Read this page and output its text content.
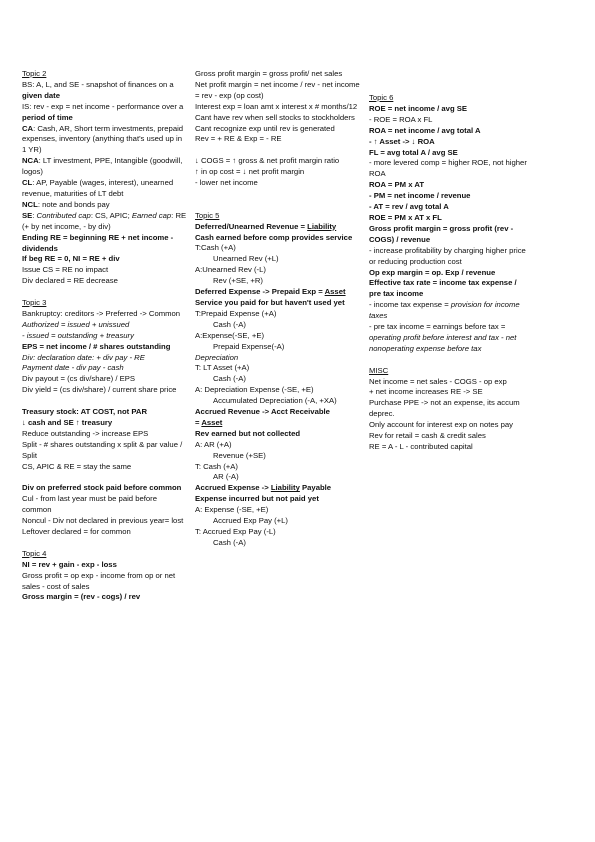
Topic 2
BS: A, L, and SE - snapshot of finances on a given date
IS: rev - exp = net income - performance over a period of time
CA: Cash, AR, Short term investments, prepaid expenses, inventory (anything that's used up in 1 YR)
NCA: LT investment, PPE, Intangible (goodwill, logos)
CL: AP, Payable (wages, interest), unearned revenue, maturities of LT debt
NCL: note and bonds pay
SE: Contributed cap: CS, APIC; Earned cap: RE (+ by net income, - by div)
Ending RE = beginning RE + net income - dividends
If beg RE = 0, NI = RE + div
Issue CS = RE no impact
Div declared = RE decrease
Topic 3
Bankruptcy: creditors -> Preferred -> Common
Authorized = issued + unissued
- issued = outstanding + treasury
EPS = net income / # shares outstanding
Div: declaration date: + div pay - RE
Payment date - div pay - cash
Div payout = (cs div/share) / EPS
Div yield = (cs div/share) / current share price
Treasury stock: AT COST, not PAR
↓ cash and SE ↑ treasury
Reduce outstanding -> increase EPS
Split - # shares outstanding x split & par value / Split
CS, APIC & RE = stay the same
Div on preferred stock paid before common
Cul - from last year must be paid before common
Noncul - Div not declared in previous year= lost
Leftover declared = for common
Topic 4
NI = rev + gain - exp - loss
Gross profit = op exp - income from op or net sales - cost of sales
Gross margin = (rev - cogs) / rev
Gross profit margin = gross profit/ net sales
Net profit margin = net income / rev - net income = rev - exp (op cost)
Interest exp = loan amt x interest x # months/12
Cant have rev when sell stocks to stockholders
Cant recognize exp until rev is generated
Rev = + RE & Exp = - RE
↓ COGS = ↑ gross & net profit margin ratio
↑ in op cost = ↓ net profit margin
- lower net income
Topic 5
Deferred/Unearned Revenue = Liability
Cash earned before comp provides service
T:Cash (+A)
Unearned Rev (+L)
A:Unearned Rev (-L)
Rev (+SE, +R)
Deferred Expense -> Prepaid Exp = Asset
Service you paid for but haven't used yet
T:Prepaid Expense (+A)
Cash (-A)
A:Expense(-SE, +E)
Prepaid Expense(-A)
Depreciation
T: LT Asset (+A)
Cash (-A)
A: Depreciation Expense (-SE, +E)
Accumulated Depreciation (-A, +XA)
Accrued Revenue -> Acct Receivable
= Asset
Rev earned but not collected
A: AR (+A)
Revenue (+SE)
T: Cash (+A)
AR (-A)
Accrued Expense -> Liability Payable
Expense incurred but not paid yet
A: Expense (-SE, +E)
Accrued Exp Pay (+L)
T: Accrued Exp Pay (-L)
Cash (-A)
Topic 6
ROE = net income / avg SE
- ROE = ROA x FL
ROA = net income / avg total A
- ↑ Asset -> ↓ ROA
FL = avg total A / avg SE
- more levered comp = higher ROE, not higher ROA
ROA = PM x AT
- PM = net income / revenue
- AT = rev / avg total A
ROE = PM x AT x FL
Gross profit margin = gross profit (rev - COGS) / revenue
- increase profitability by charging higher price or reducing production cost
Op exp margin = op. Exp / revenue
Effective tax rate = income tax expense / pre tax income
- income tax expense = provision for income taxes
- pre tax income = earnings before tax = operating profit before interest and tax - net nonoperating expense before tax
MISC
Net income = net sales - COGS - op exp
+ net income increases RE -> SE
Purchase PPE -> not an expense, its accum deprec.
Only account for interest exp on notes pay
Rev for retail = cash & credit sales
RE = A - L - contributed capital
